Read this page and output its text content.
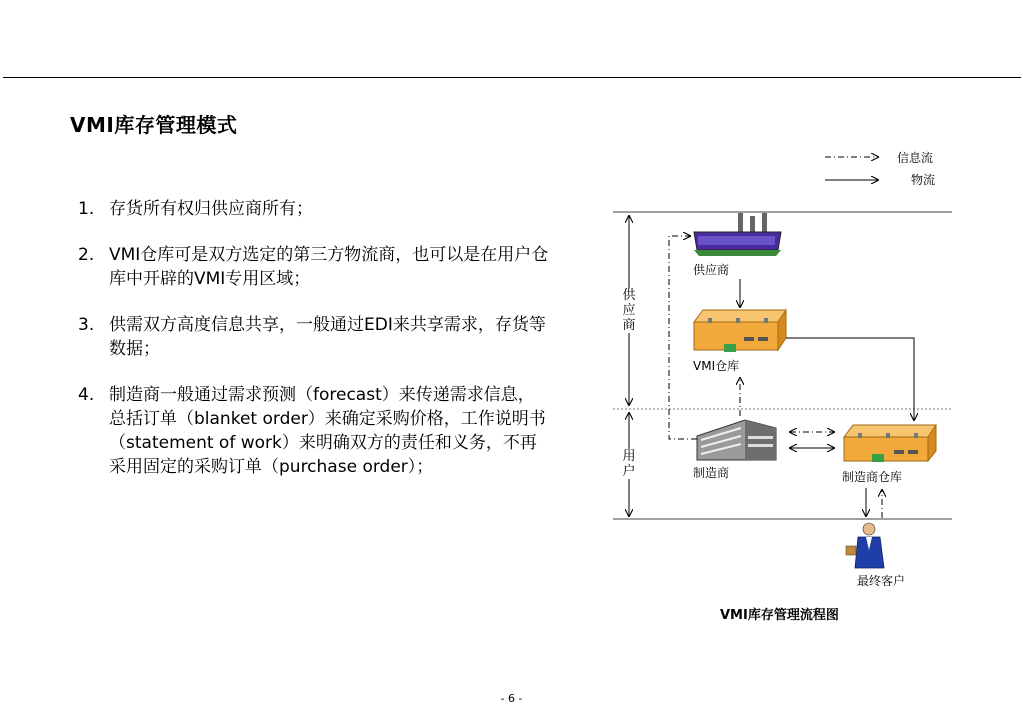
VMI库存管理模式
1. 存货所有权归供应商所有；
2. VMI仓库可是双方选定的第三方物流商，也可以是在用户仓库中开辟的VMI专用区域；
3. 供需双方高度信息共享，一般通过EDI来共享需求，存货等数据；
4. 制造商一般通过需求预测（forecast）来传递需求信息，总括订单（blanket order）来确定采购价格，工作说明书（statement of work）来明确双方的责任和义务，不再采用固定的采购订单（purchase order）；
信息流
物流
供应商
用户
供应商
VMI仓库
制造商	制造商仓库
最终客户
VMI库存管理流程图
- 6 -
